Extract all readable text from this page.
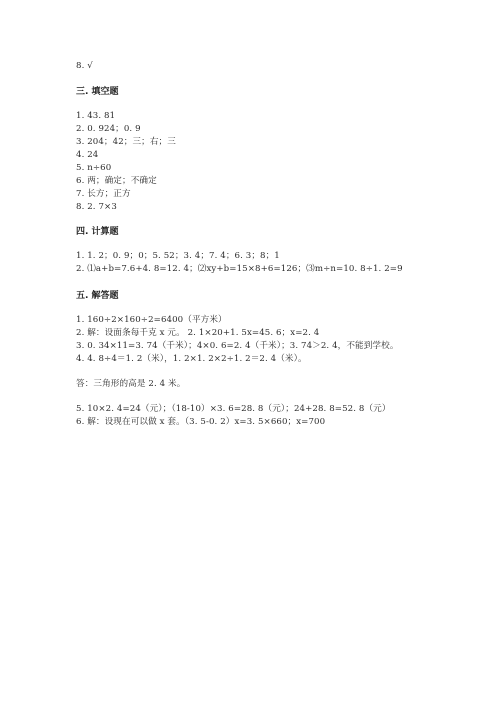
8. √
三. 填空题
1. 43. 81
2. 0. 924；0. 9
3. 204；42；三；右；三
4. 24
5. n÷60
6. 两；确定；不确定
7. 长方；正方
8. 2. 7×3
四. 计算题
1. 1. 2；0. 9；0；5. 52；3. 4；7. 4；6. 3；8；1
2. ⑴a+b=7.6+4. 8=12. 4；⑵xy+b=15×8+6=126；⑶m÷n=10. 8÷1. 2=9
五. 解答题
1. 160÷2×160÷2=6400（平方米）
2. 解：设面条每千克 x 元。 2. 1×20+1. 5x=45. 6；x=2. 4
3. 0. 34×11=3. 74（千米）；4×0. 6=2. 4（千米）；3. 74＞2. 4，不能到学校。
4. 4. 8÷4＝1. 2（米），1. 2×1. 2×2÷1. 2＝2. 4（米）。
答：三角形的高是 2. 4 米。
5. 10×2. 4=24（元）；（18-10）×3. 6=28. 8（元）；24+28. 8=52. 8（元）
6. 解：设现在可以做 x 套。（3. 5-0. 2）x=3. 5×660；x=700
